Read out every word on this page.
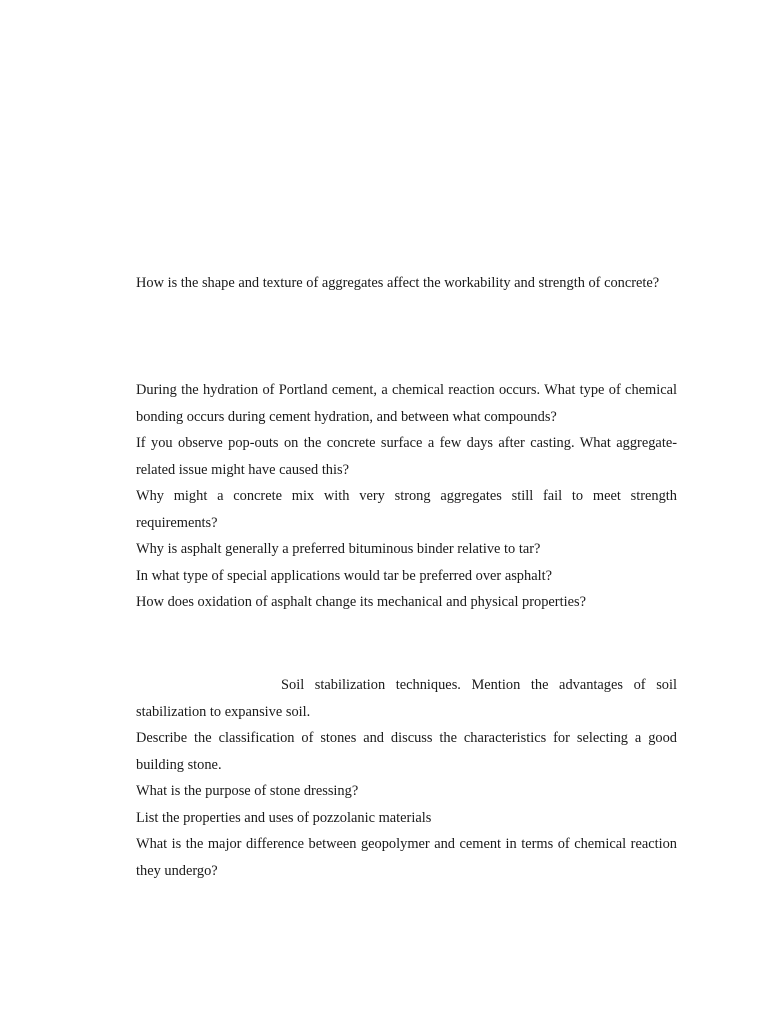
How is the shape and texture of aggregates affect the workability and strength of concrete?

During the hydration of Portland cement, a chemical reaction occurs. What type of chemical bonding occurs during cement hydration, and between what compounds?

If you observe pop-outs on the concrete surface a few days after casting. What aggregate-related issue might have caused this?

Why might a concrete mix with very strong aggregates still fail to meet strength requirements?

Why is asphalt generally a preferred bituminous binder relative to tar?

In what type of special applications would tar be preferred over asphalt?

How does oxidation of asphalt change its mechanical and physical properties?

Soil stabilization techniques. Mention the advantages of soil stabilization to expansive soil.

Describe the classification of stones and discuss the characteristics for selecting a good building stone.

What is the purpose of stone dressing?

List the properties and uses of pozzolanic materials

What is the major difference between geopolymer and cement in terms of chemical reaction they undergo?
